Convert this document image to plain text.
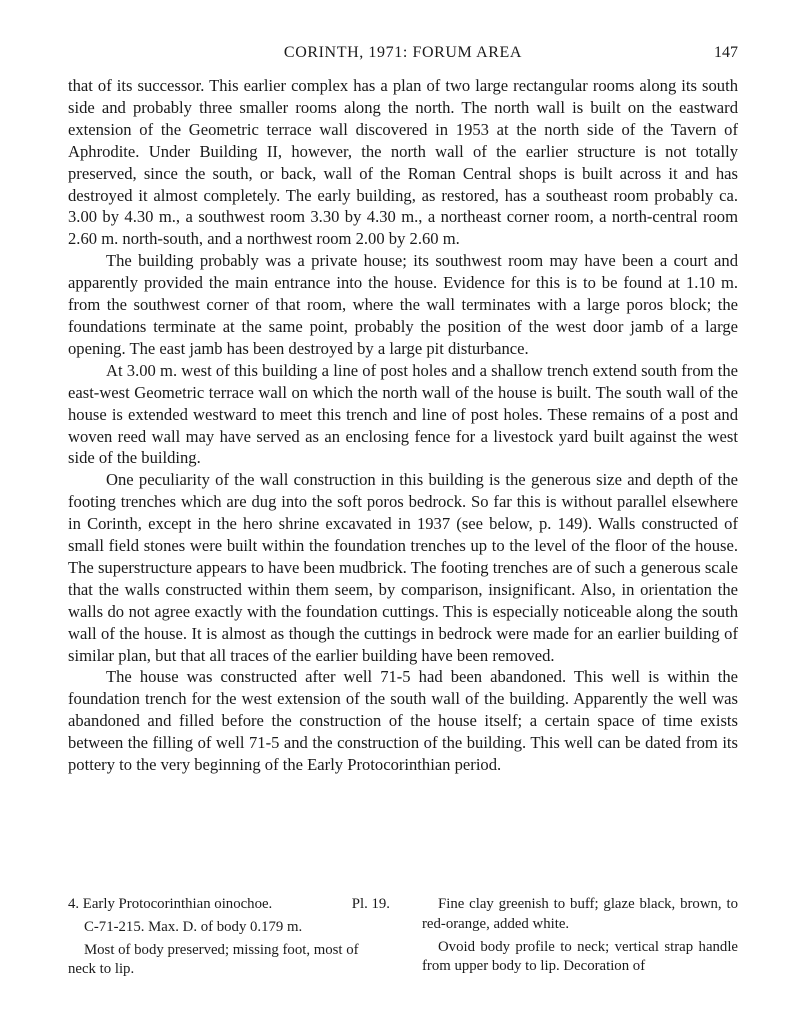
CORINTH, 1971: FORUM AREA	147

that of its successor. This earlier complex has a plan of two large rectangular rooms along its south side and probably three smaller rooms along the north. The north wall is built on the eastward extension of the Geometric terrace wall discovered in 1953 at the north side of the Tavern of Aphrodite. Under Building II, however, the north wall of the earlier structure is not totally preserved, since the south, or back, wall of the Roman Central shops is built across it and has destroyed it almost completely. The early building, as restored, has a southeast room probably ca. 3.00 by 4.30 m., a southwest room 3.30 by 4.30 m., a northeast corner room, a north-central room 2.60 m. north-south, and a northwest room 2.00 by 2.60 m.

The building probably was a private house; its southwest room may have been a court and apparently provided the main entrance into the house. Evidence for this is to be found at 1.10 m. from the southwest corner of that room, where the wall terminates with a large poros block; the foundations terminate at the same point, probably the position of the west door jamb of a large opening. The east jamb has been destroyed by a large pit disturbance.

At 3.00 m. west of this building a line of post holes and a shallow trench extend south from the east-west Geometric terrace wall on which the north wall of the house is built. The south wall of the house is extended westward to meet this trench and line of post holes. These remains of a post and woven reed wall may have served as an enclosing fence for a livestock yard built against the west side of the building.

One peculiarity of the wall construction in this building is the generous size and depth of the footing trenches which are dug into the soft poros bedrock. So far this is without parallel elsewhere in Corinth, except in the hero shrine excavated in 1937 (see below, p. 149). Walls constructed of small field stones were built within the foundation trenches up to the level of the floor of the house. The superstructure appears to have been mudbrick. The footing trenches are of such a generous scale that the walls constructed within them seem, by comparison, insignificant. Also, in orientation the walls do not agree exactly with the foundation cuttings. This is especially noticeable along the south wall of the house. It is almost as though the cuttings in bedrock were made for an earlier building of similar plan, but that all traces of the earlier building have been removed.

The house was constructed after well 71-5 had been abandoned. This well is within the foundation trench for the west extension of the south wall of the building. Apparently the well was abandoned and filled before the construction of the house itself; a certain space of time exists between the filling of well 71-5 and the construction of the building. This well can be dated from its pottery to the very beginning of the Early Protocorinthian period.

4. Early Protocorinthian oinochoe.	Pl. 19.
C-71-215. Max. D. of body 0.179 m.
Most of body preserved; missing foot, most of neck to lip.

Fine clay greenish to buff; glaze black, brown, to red-orange, added white.

Ovoid body profile to neck; vertical strap handle from upper body to lip. Decoration of
